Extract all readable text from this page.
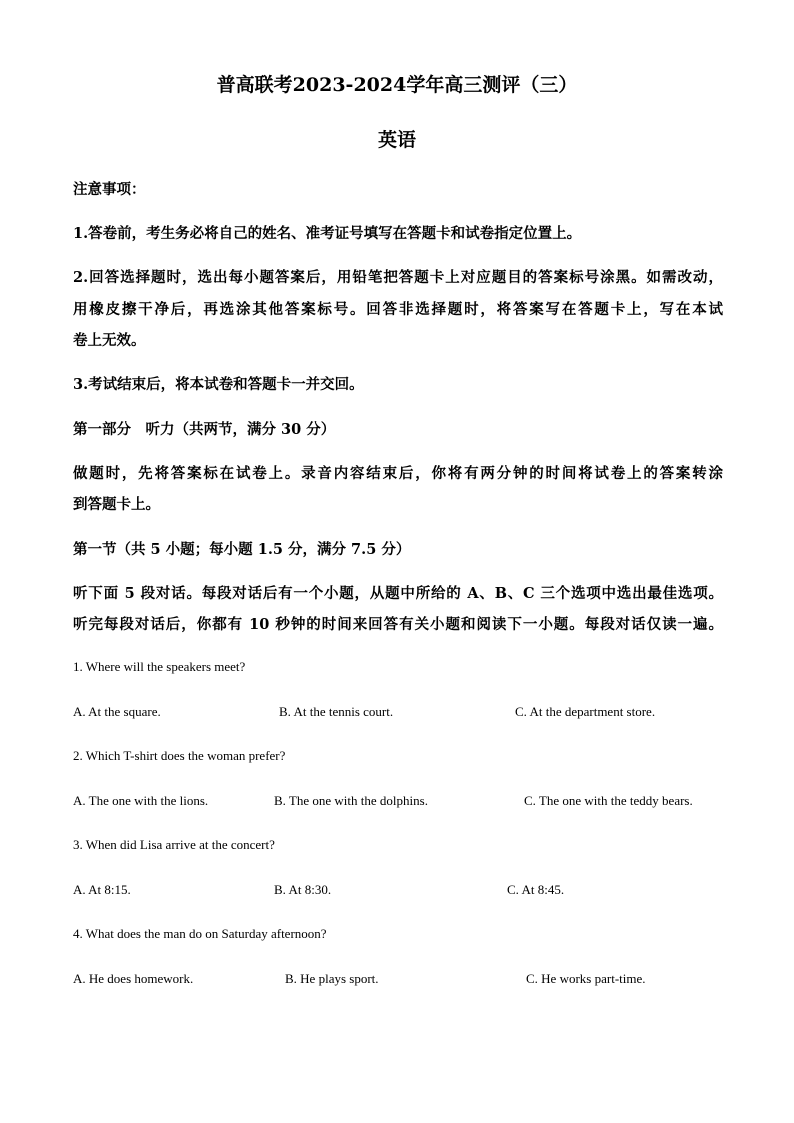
普高联考2023-2024学年高三测评（三）
英语
注意事项：
1.答卷前，考生务必将自己的姓名、准考证号填写在答题卡和试卷指定位置上。
2.回答选择题时，选出每小题答案后，用铅笔把答题卡上对应题目的答案标号涂黑。如需改动，
用橡皮擦干净后，再选涂其他答案标号。回答非选择题时，将答案写在答题卡上，写在本试
卷上无效。
3.考试结束后，将本试卷和答题卡一并交回。
第一部分　听力（共两节，满分 30 分）
做题时，先将答案标在试卷上。录音内容结束后，你将有两分钟的时间将试卷上的答案转涂
到答题卡上。
第一节（共 5 小题；每小题 1.5 分，满分 7.5 分）
听下面 5 段对话。每段对话后有一个小题，从题中所给的 A、B、C 三个选项中选出最佳选项。
听完每段对话后，你都有 10 秒钟的时间来回答有关小题和阅读下一小题。每段对话仅读一遍。
1. Where will the speakers meet?
A. At the square.	B. At the tennis court.	C. At the department store.
2. Which T-shirt does the woman prefer?
A. The one with the lions.	B. The one with the dolphins.	C. The one with the teddy bears.
3. When did Lisa arrive at the concert?
A. At 8:15.	B. At 8:30.	C. At 8:45.
4. What does the man do on Saturday afternoon?
A. He does homework.	B. He plays sport.	C. He works part-time.
